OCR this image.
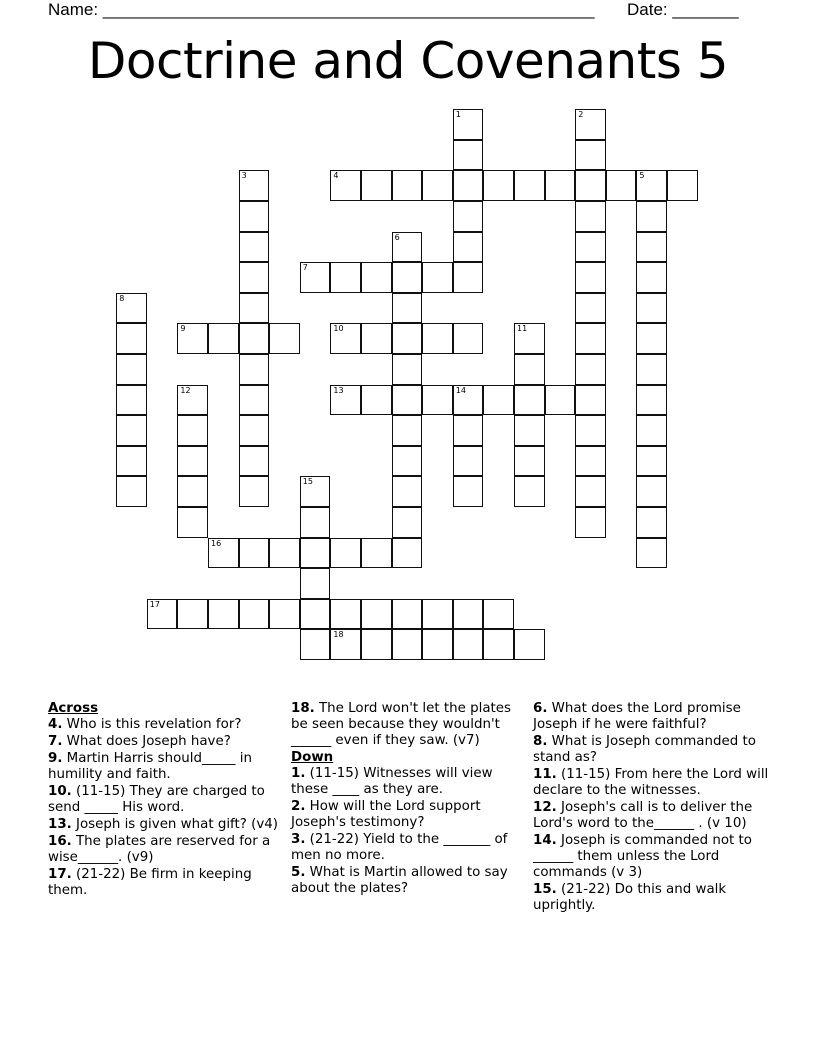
Name: ____________________________________________________ Date: _______
Doctrine and Covenants 5
1	2
3	4	5
6
7
8
9	10	11
12	13	14
15
16
17
18
Across
4. Who is this revelation for?
7. What does Joseph have?
9. Martin Harris should_____ in humility and faith.
10. (11-15) They are charged to send _____ His word.
13. Joseph is given what gift? (v4)
16. The plates are reserved for a wise______. (v9)
17. (21-22) Be firm in keeping them.
18. The Lord won't let the plates be seen because they wouldn't ______ even if they saw. (v7)
Down
1. (11-15) Witnesses will view these ____ as they are.
2. How will the Lord support Joseph's testimony?
3. (21-22) Yield to the _______ of men no more.
5. What is Martin allowed to say about the plates?
6. What does the Lord promise Joseph if he were faithful?
8. What is Joseph commanded to stand as?
11. (11-15) From here the Lord will declare to the witnesses.
12. Joseph's call is to deliver the Lord's word to the______ . (v 10)
14. Joseph is commanded not to ______ them unless the Lord commands (v 3)
15. (21-22) Do this and walk uprightly.
